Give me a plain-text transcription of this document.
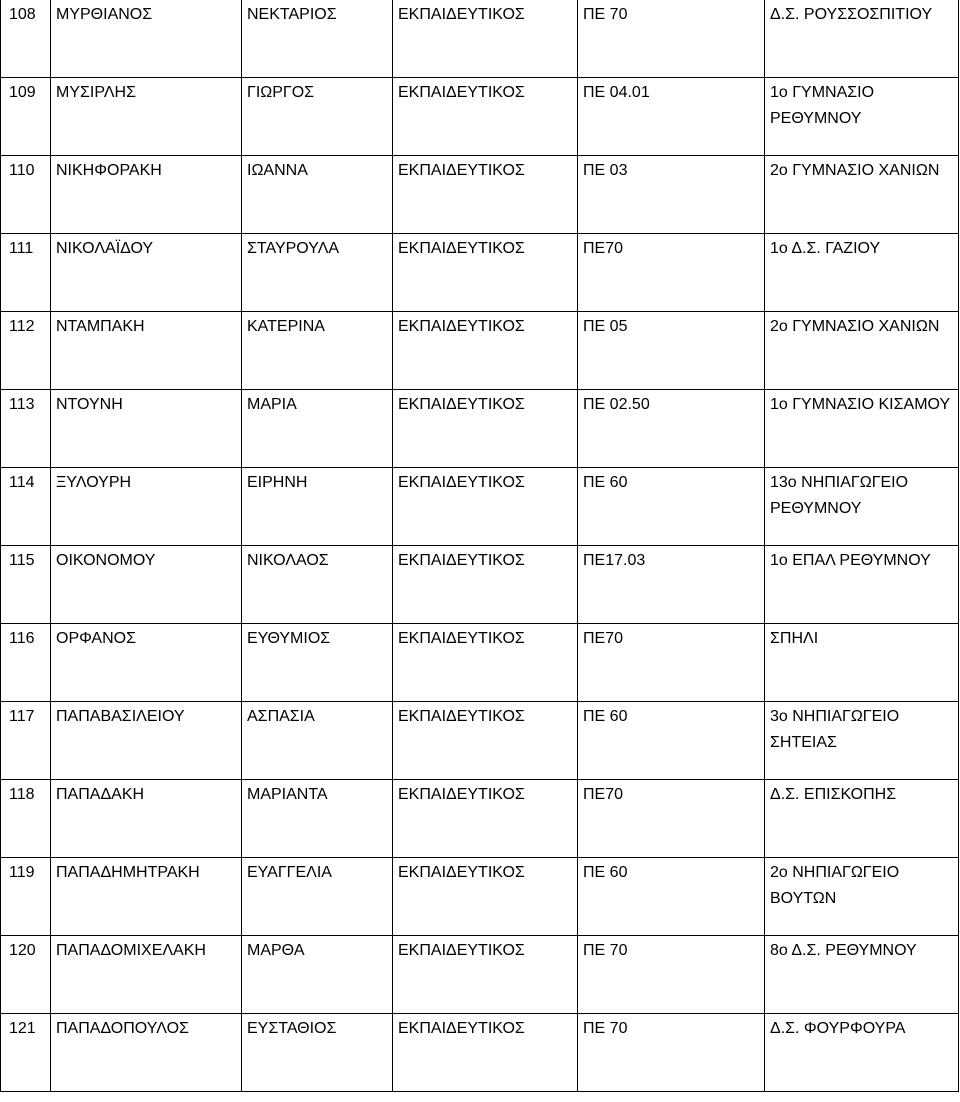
108	ΜΥΡΘΙΑΝΟΣ	ΝΕΚΤΑΡΙΟΣ	ΕΚΠΑΙΔΕΥΤΙΚΟΣ	ΠΕ 70	Δ.Σ. ΡΟΥΣΣΟΣΠΙΤΙΟΥ

109	ΜΥΣΙΡΛΗΣ	ΓΙΩΡΓΟΣ	ΕΚΠΑΙΔΕΥΤΙΚΟΣ	ΠΕ 04.01	1ο ΓΥΜΝΑΣΙΟ
ΡΕΘΥΜΝΟΥ

110	ΝΙΚΗΦΟΡΑΚΗ	ΙΩΑΝΝΑ	ΕΚΠΑΙΔΕΥΤΙΚΟΣ	ΠΕ 03	2ο ΓΥΜΝΑΣΙΟ ΧΑΝΙΩΝ

111	ΝΙΚΟΛΑΪΔΟΥ	ΣΤΑΥΡΟΥΛΑ	ΕΚΠΑΙΔΕΥΤΙΚΟΣ	ΠΕ70	1ο Δ.Σ. ΓΑΖΙΟΥ

112	ΝΤΑΜΠΑΚΗ	ΚΑΤΕΡΙΝΑ	ΕΚΠΑΙΔΕΥΤΙΚΟΣ	ΠΕ 05	2ο ΓΥΜΝΑΣΙΟ ΧΑΝΙΩΝ

113	ΝΤΟΥΝΗ	ΜΑΡΙΑ	ΕΚΠΑΙΔΕΥΤΙΚΟΣ	ΠΕ 02.50	1ο ΓΥΜΝΑΣΙΟ ΚΙΣΑΜΟΥ

114	ΞΥΛΟΥΡΗ	ΕΙΡΗΝΗ	ΕΚΠΑΙΔΕΥΤΙΚΟΣ	ΠΕ 60	13ο ΝΗΠΙΑΓΩΓΕΙΟ
ΡΕΘΥΜΝΟΥ

115	ΟΙΚΟΝΟΜΟΥ	ΝΙΚΟΛΑΟΣ	ΕΚΠΑΙΔΕΥΤΙΚΟΣ	ΠΕ17.03	1ο ΕΠΑΛ ΡΕΘΥΜΝΟΥ

116	ΟΡΦΑΝΟΣ	ΕΥΘΥΜΙΟΣ	ΕΚΠΑΙΔΕΥΤΙΚΟΣ	ΠΕ70	ΣΠΗΛΙ

117	ΠΑΠΑΒΑΣΙΛΕΙΟΥ	ΑΣΠΑΣΙΑ	ΕΚΠΑΙΔΕΥΤΙΚΟΣ	ΠΕ 60	3ο ΝΗΠΙΑΓΩΓΕΙΟ
ΣΗΤΕΙΑΣ

118	ΠΑΠΑΔΑΚΗ	ΜΑΡΙΑΝΤΑ	ΕΚΠΑΙΔΕΥΤΙΚΟΣ	ΠΕ70	Δ.Σ. ΕΠΙΣΚΟΠΗΣ

119	ΠΑΠΑΔΗΜΗΤΡΑΚΗ	ΕΥΑΓΓΕΛΙΑ	ΕΚΠΑΙΔΕΥΤΙΚΟΣ	ΠΕ 60	2ο ΝΗΠΙΑΓΩΓΕΙΟ
ΒΟΥΤΩΝ

120	ΠΑΠΑΔΟΜΙΧΕΛΑΚΗ	ΜΑΡΘΑ	ΕΚΠΑΙΔΕΥΤΙΚΟΣ	ΠΕ 70	8ο Δ.Σ. ΡΕΘΥΜΝΟΥ

121	ΠΑΠΑΔΟΠΟΥΛΟΣ	ΕΥΣΤΑΘΙΟΣ	ΕΚΠΑΙΔΕΥΤΙΚΟΣ	ΠΕ 70	Δ.Σ. ΦΟΥΡΦΟΥΡΑ
